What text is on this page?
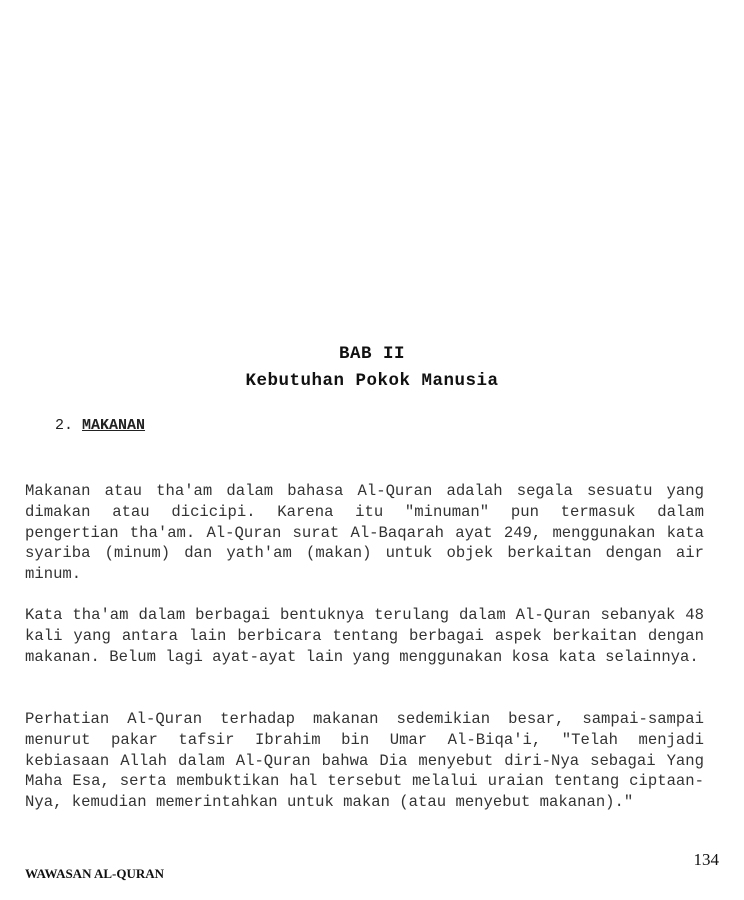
BAB II
Kebutuhan Pokok Manusia
2. MAKANAN
Makanan atau tha'am dalam bahasa Al-Quran adalah segala sesuatu yang dimakan atau dicicipi. Karena itu "minuman" pun termasuk dalam pengertian tha'am. Al-Quran surat Al-Baqarah ayat 249, menggunakan kata syariba (minum) dan yath'am (makan) untuk objek berkaitan dengan air minum.
Kata tha'am dalam berbagai bentuknya terulang dalam Al-Quran sebanyak 48 kali yang antara lain berbicara tentang berbagai aspek berkaitan dengan makanan. Belum lagi ayat-ayat lain yang menggunakan kosa kata selainnya.
Perhatian Al-Quran terhadap makanan sedemikian besar, sampai-sampai menurut pakar tafsir Ibrahim bin Umar Al-Biqa'i, "Telah menjadi kebiasaan Allah dalam Al-Quran bahwa Dia menyebut diri-Nya sebagai Yang Maha Esa, serta membuktikan hal tersebut melalui uraian tentang ciptaan-Nya, kemudian memerintahkan untuk makan (atau menyebut makanan)."
WAWASAN AL-QURAN
134
